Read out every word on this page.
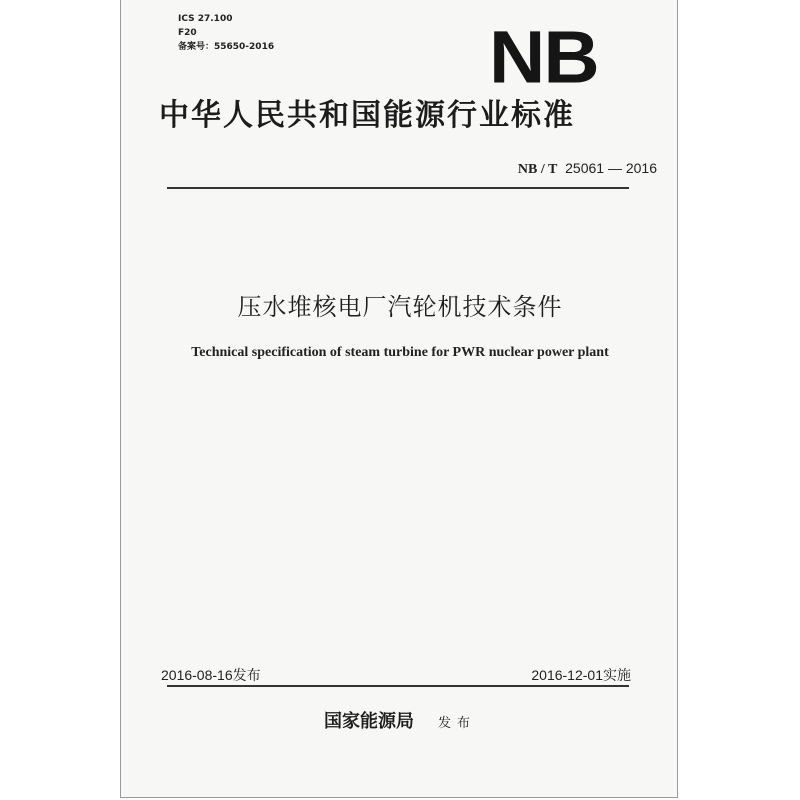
ICS 27.100
F20
备案号：55650-2016	NB
中华人民共和国能源行业标准
NB / T 25061 — 2016
压水堆核电厂汽轮机技术条件
Technical specification of steam turbine for PWR nuclear power plant
2016-08-16发布	2016-12-01实施
国家能源局 发布
